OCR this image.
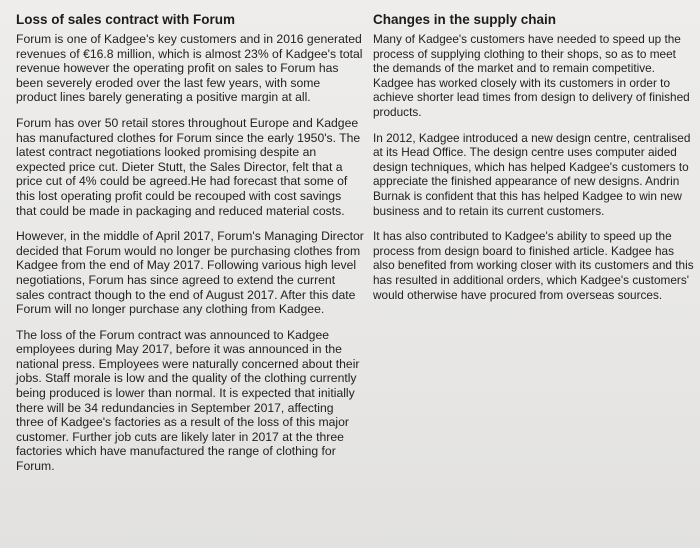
Loss of sales contract with Forum

Forum is one of Kadgee's key customers and in 2016 generated revenues of €16.8 million, which is almost 23% of Kadgee's total revenue however the operating profit on sales to Forum has been severely eroded over the last few years, with some product lines barely generating a positive margin at all.

Forum has over 50 retail stores throughout Europe and Kadgee has manufactured clothes for Forum since the early 1950's. The latest contract negotiations looked promising despite an expected price cut. Dieter Stutt, the Sales Director, felt that a price cut of 4% could be agreed.He had forecast that some of this lost operating profit could be recouped with cost savings that could be made in packaging and reduced material costs.

However, in the middle of April 2017, Forum's Managing Director decided that Forum would no longer be purchasing clothes from Kadgee from the end of May 2017. Following various high level negotiations, Forum has since agreed to extend the current sales contract though to the end of August 2017. After this date Forum will no longer purchase any clothing from Kadgee.

The loss of the Forum contract was announced to Kadgee employees during May 2017, before it was announced in the national press. Employees were naturally concerned about their jobs. Staff morale is low and the quality of the clothing currently being produced is lower than normal. It is expected that initially there will be 34 redundancies in September 2017, affecting three of Kadgee's factories as a result of the loss of this major customer. Further job cuts are likely later in 2017 at the three factories which have manufactured the range of clothing for Forum.

Changes in the supply chain

Many of Kadgee's customers have needed to speed up the process of supplying clothing to their shops, so as to meet the demands of the market and to remain competitive. Kadgee has worked closely with its customers in order to achieve shorter lead times from design to delivery of finished products.

In 2012, Kadgee introduced a new design centre, centralised at its Head Office. The design centre uses computer aided design techniques, which has helped Kadgee's customers to appreciate the finished appearance of new designs. Andrin Burnak is confident that this has helped Kadgee to win new business and to retain its current customers.

It has also contributed to Kadgee's ability to speed up the process from design board to finished article. Kadgee has also benefited from working closer with its customers and this has resulted in additional orders, which Kadgee's customers' would otherwise have procured from overseas sources.
